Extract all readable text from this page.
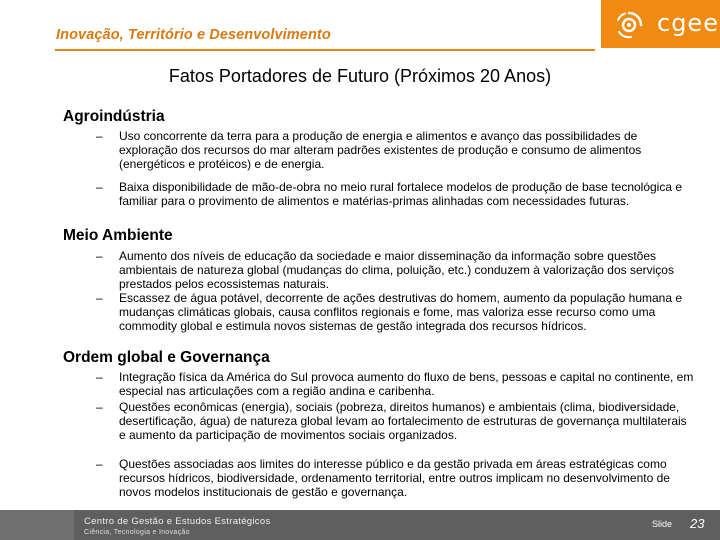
Inovação, Território e Desenvolvimento	cgee
Fatos Portadores de Futuro (Próximos 20 Anos)
Agroindústria
–	Uso concorrente da terra para a produção de energia e alimentos e avanço das possibilidades de exploração dos recursos do mar alteram padrões existentes de produção e consumo de alimentos (energéticos e protéicos) e de energia.
–	Baixa disponibilidade de mão-de-obra no meio rural fortalece modelos de produção de base tecnológica e familiar para o provimento de alimentos e matérias-primas alinhadas com necessidades futuras.
Meio Ambiente
–	Aumento dos níveis de educação da sociedade e maior disseminação da informação sobre questões ambientais de natureza global (mudanças do clima, poluição, etc.) conduzem à valorização dos serviços prestados pelos ecossistemas naturais.
–	Escassez de água potável, decorrente de ações destrutivas do homem, aumento da população humana e mudanças climáticas globais, causa conflitos regionais e fome, mas valoriza esse recurso como uma commodity global e estimula novos sistemas de gestão integrada dos recursos hídricos.
Ordem global e Governança
–	Integração física da América do Sul provoca aumento do fluxo de bens, pessoas e capital no continente, em especial nas articulações com a região andina e caribenha.
–	Questões econômicas (energia), sociais (pobreza, direitos humanos) e ambientais (clima, biodiversidade, desertificação, água) de natureza global levam ao fortalecimento de estruturas de governança multilaterais e aumento da participação de movimentos sociais organizados.
–	Questões associadas aos limites do interesse público e da gestão privada em áreas estratégicas como recursos hídricos, biodiversidade, ordenamento territorial, entre outros implicam no desenvolvimento de novos modelos institucionais de gestão e governança.
Centro de Gestão e Estudos Estratégicos
Ciência, Tecnologia e Inovação
Slide 23
